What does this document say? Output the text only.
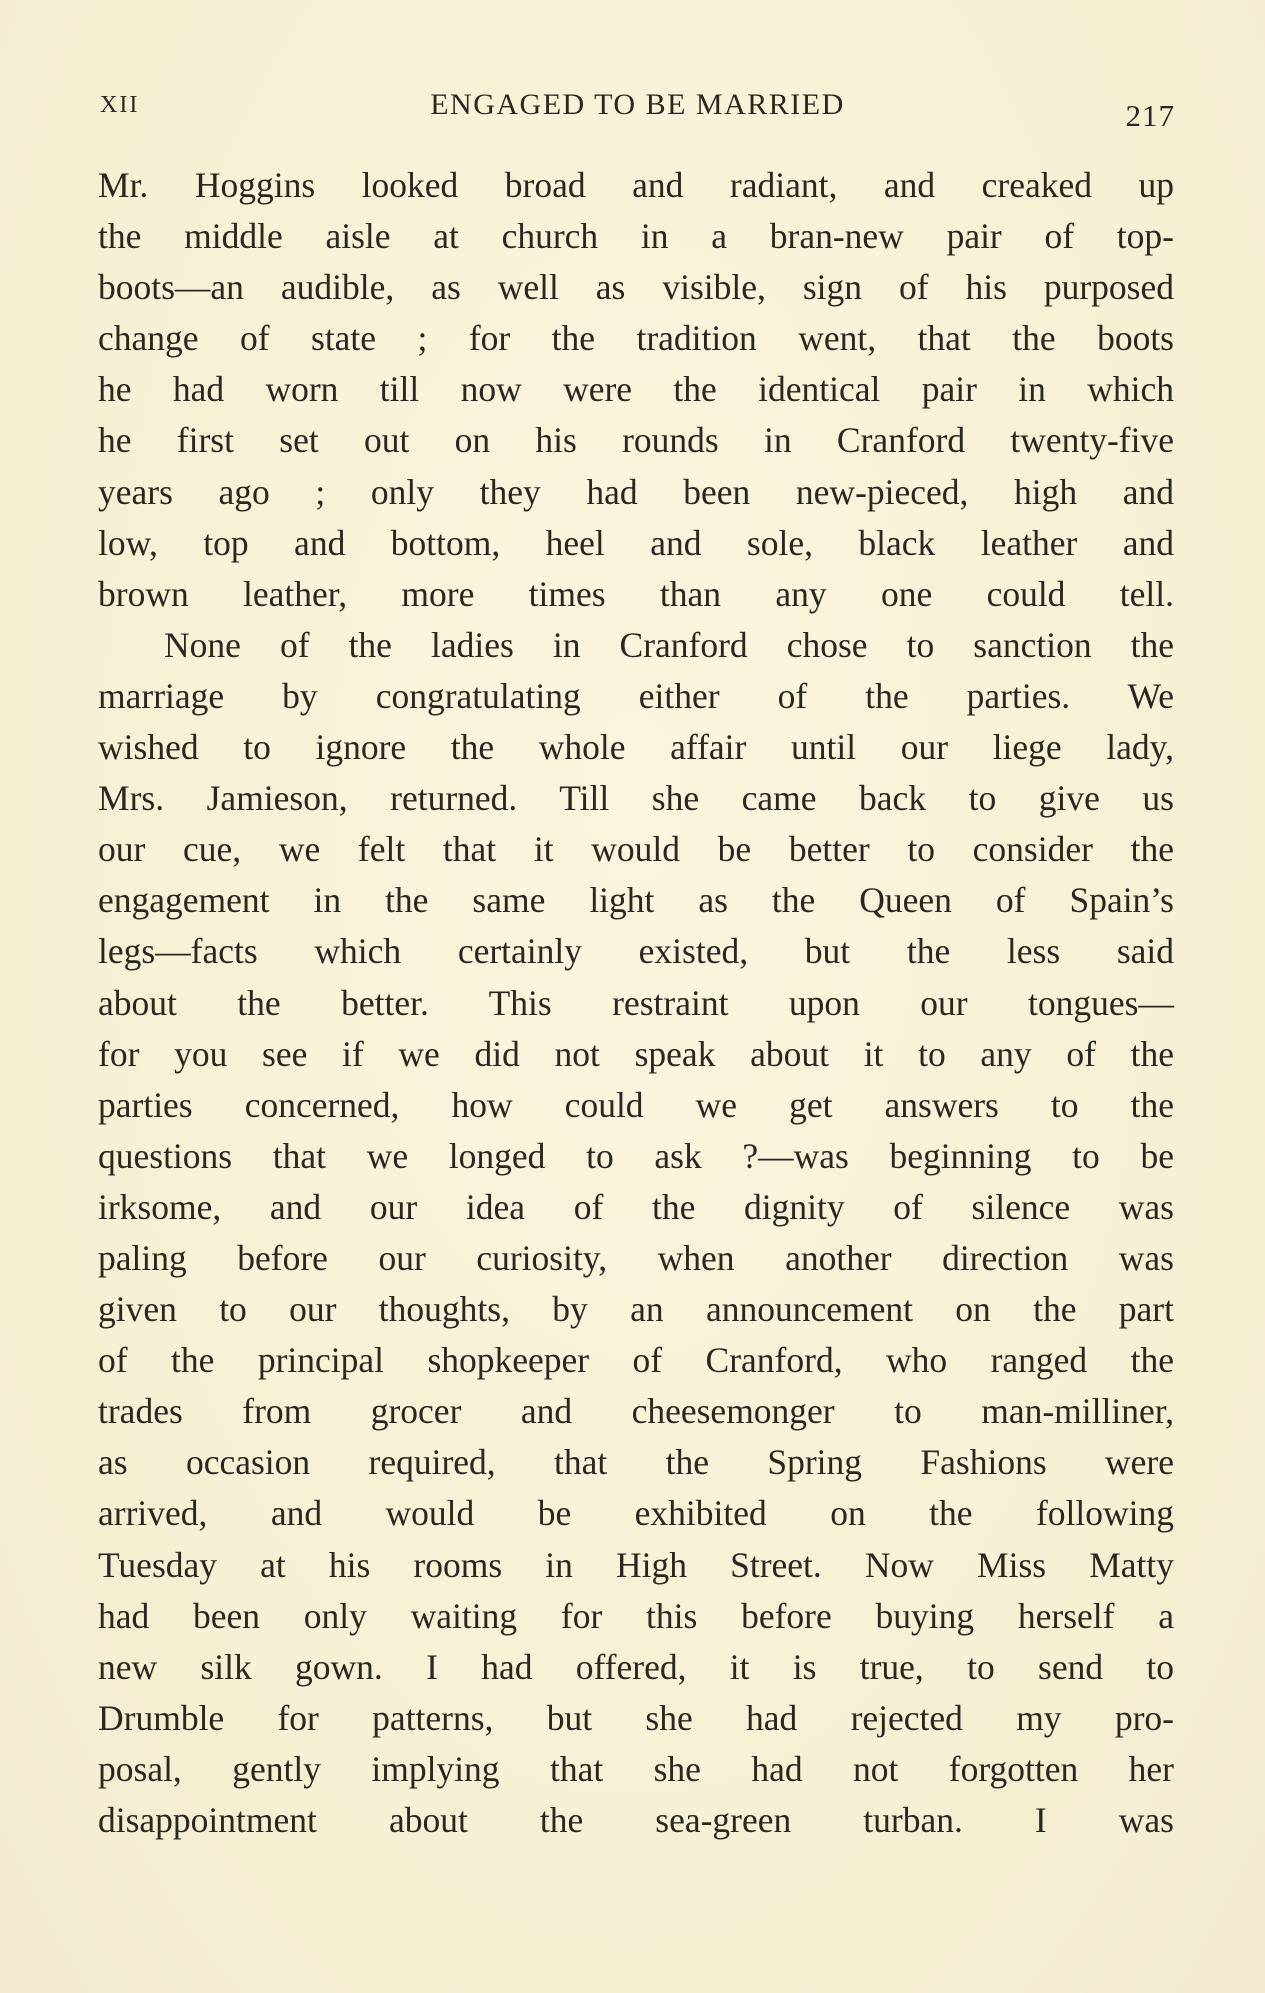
XII	ENGAGED TO BE MARRIED	217
Mr. Hoggins looked broad and radiant, and creaked up
the middle aisle at church in a bran-new pair of top-
boots—an audible, as well as visible, sign of his purposed
change of state ; for the tradition went, that the boots
he had worn till now were the identical pair in which
he first set out on his rounds in Cranford twenty-five
years ago ; only they had been new-pieced, high and
low, top and bottom, heel and sole, black leather and
brown leather, more times than any one could tell.
None of the ladies in Cranford chose to sanction the
marriage by congratulating either of the parties. We
wished to ignore the whole affair until our liege lady,
Mrs. Jamieson, returned. Till she came back to give us
our cue, we felt that it would be better to consider the
engagement in the same light as the Queen of Spain’s
legs—facts which certainly existed, but the less said
about the better. This restraint upon our tongues—
for you see if we did not speak about it to any of the
parties concerned, how could we get answers to the
questions that we longed to ask ?—was beginning to be
irksome, and our idea of the dignity of silence was
paling before our curiosity, when another direction was
given to our thoughts, by an announcement on the part
of the principal shopkeeper of Cranford, who ranged the
trades from grocer and cheesemonger to man-milliner,
as occasion required, that the Spring Fashions were
arrived, and would be exhibited on the following
Tuesday at his rooms in High Street. Now Miss Matty
had been only waiting for this before buying herself a
new silk gown. I had offered, it is true, to send to
Drumble for patterns, but she had rejected my pro-
posal, gently implying that she had not forgotten her
disappointment about the sea-green turban. I was
